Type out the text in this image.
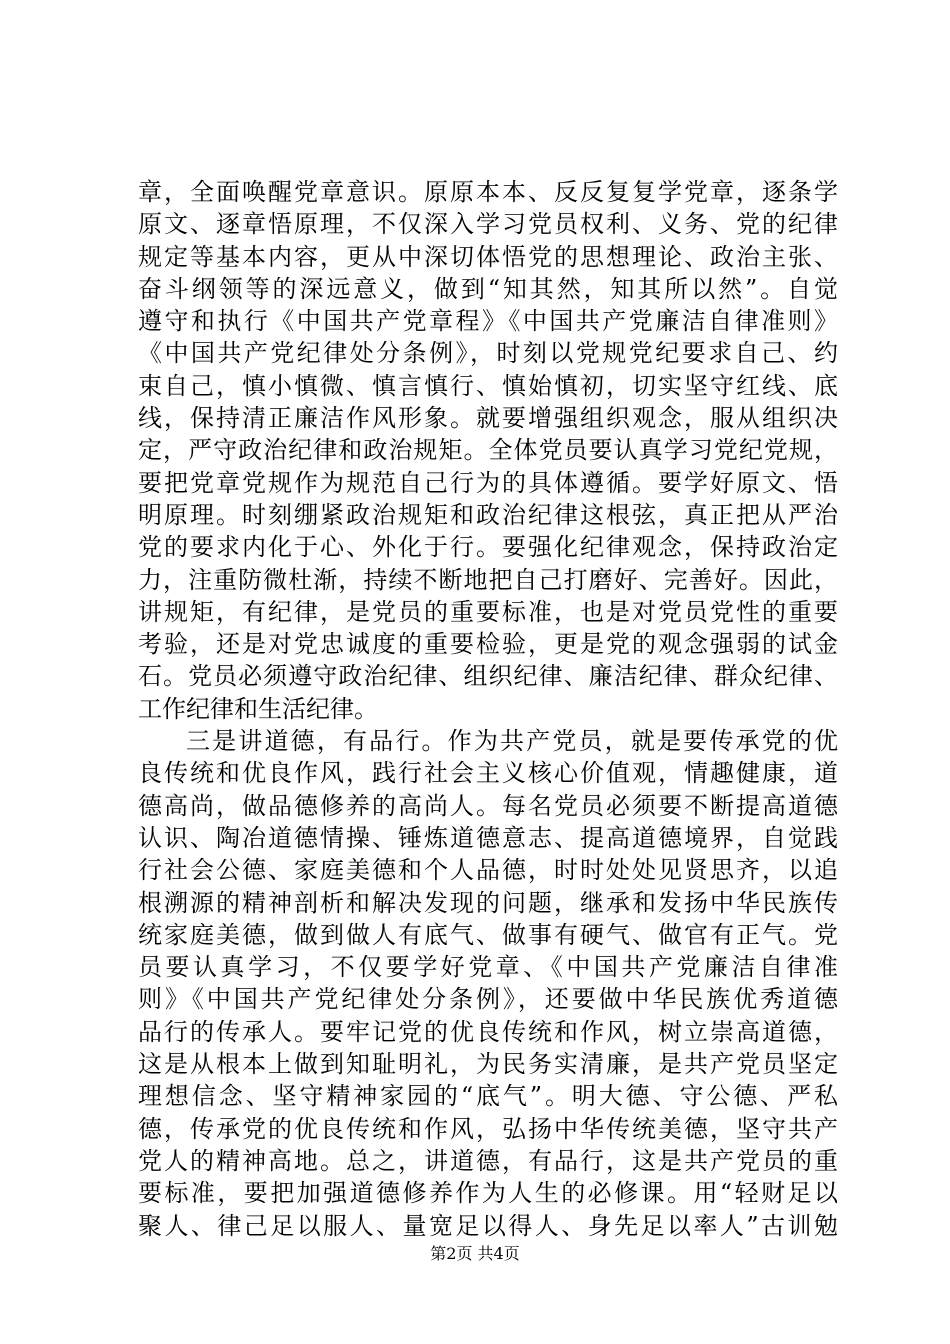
章，全面唤醒党章意识。原原本本、反反复复学党章，逐条学
原文、逐章悟原理，不仅深入学习党员权利、义务、党的纪律
规定等基本内容，更从中深切体悟党的思想理论、政治主张、
奋斗纲领等的深远意义，做到“知其然，知其所以然”。自觉
遵守和执行《中国共产党章程》《中国共产党廉洁自律准则》
《中国共产党纪律处分条例》，时刻以党规党纪要求自己、约
束自己，慎小慎微、慎言慎行、慎始慎初，切实坚守红线、底
线，保持清正廉洁作风形象。就要增强组织观念，服从组织决
定，严守政治纪律和政治规矩。全体党员要认真学习党纪党规，
要把党章党规作为规范自己行为的具体遵循。要学好原文、悟
明原理。时刻绷紧政治规矩和政治纪律这根弦，真正把从严治
党的要求内化于心、外化于行。要强化纪律观念，保持政治定
力，注重防微杜渐，持续不断地把自己打磨好、完善好。因此，
讲规矩，有纪律，是党员的重要标准，也是对党员党性的重要
考验，还是对党忠诚度的重要检验，更是党的观念强弱的试金
石。党员必须遵守政治纪律、组织纪律、廉洁纪律、群众纪律、
工作纪律和生活纪律。
三是讲道德，有品行。作为共产党员，就是要传承党的优
良传统和优良作风，践行社会主义核心价值观，情趣健康，道
德高尚，做品德修养的高尚人。每名党员必须要不断提高道德
认识、陶冶道德情操、锤炼道德意志、提高道德境界，自觉践
行社会公德、家庭美德和个人品德，时时处处见贤思齐，以追
根溯源的精神剖析和解决发现的问题，继承和发扬中华民族传
统家庭美德，做到做人有底气、做事有硬气、做官有正气。党
员要认真学习，不仅要学好党章、《中国共产党廉洁自律准
则》《中国共产党纪律处分条例》，还要做中华民族优秀道德
品行的传承人。要牢记党的优良传统和作风，树立崇高道德，
这是从根本上做到知耻明礼，为民务实清廉，是共产党员坚定
理想信念、坚守精神家园的“底气”。明大德、守公德、严私
德，传承党的优良传统和作风，弘扬中华传统美德，坚守共产
党人的精神高地。总之，讲道德，有品行，这是共产党员的重
要标准，要把加强道德修养作为人生的必修课。用“轻财足以
聚人、律己足以服人、量宽足以得人、身先足以率人”古训勉
第2页 共4页
